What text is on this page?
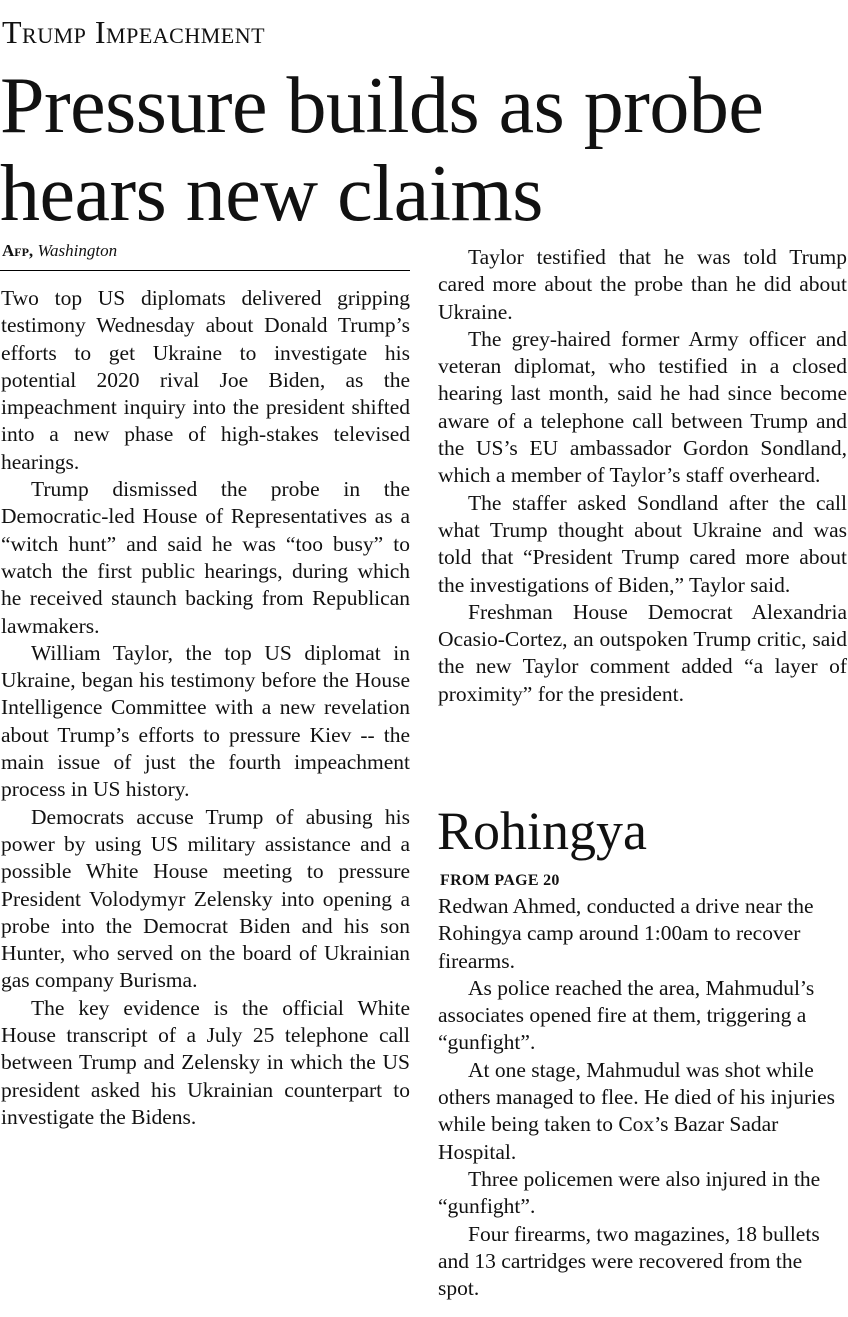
Trump Impeachment
Pressure builds as probe
hears new claims
Afp, Washington

Two top US diplomats delivered gripping testimony Wednesday about Donald Trump’s efforts to get Ukraine to investigate his potential 2020 rival Joe Biden, as the impeachment inquiry into the president shifted into a new phase of high-stakes televised hearings.

Trump dismissed the probe in the Democratic-led House of Representatives as a “witch hunt” and said he was “too busy” to watch the first public hearings, during which he received staunch backing from Republican lawmakers.

William Taylor, the top US diplomat in Ukraine, began his testimony before the House Intelligence Committee with a new revelation about Trump’s efforts to pressure Kiev -- the main issue of just the fourth impeachment process in US history.

Democrats accuse Trump of abusing his power by using US military assistance and a possible White House meeting to pressure President Volodymyr Zelensky into opening a probe into the Democrat Biden and his son Hunter, who served on the board of Ukrainian gas company Burisma.

The key evidence is the official White House transcript of a July 25 telephone call between Trump and Zelensky in which the US president asked his Ukrainian counterpart to investigate the Bidens.

Taylor testified that he was told Trump cared more about the probe than he did about Ukraine.

The grey-haired former Army officer and veteran diplomat, who testified in a closed hearing last month, said he had since become aware of a telephone call between Trump and the US’s EU ambassador Gordon Sondland, which a member of Taylor’s staff overheard.

The staffer asked Sondland after the call what Trump thought about Ukraine and was told that “President Trump cared more about the investigations of Biden,” Taylor said.

Freshman House Democrat Alexandria Ocasio-Cortez, an outspoken Trump critic, said the new Taylor comment added “a layer of proximity” for the president.

Rohingya
FROM PAGE 20

Redwan Ahmed, conducted a drive near the Rohingya camp around 1:00am to recover firearms.

As police reached the area, Mahmudul’s associates opened fire at them, triggering a “gunfight”.

At one stage, Mahmudul was shot while others managed to flee. He died of his injuries while being taken to Cox’s Bazar Sadar Hospital.

Three policemen were also injured in the “gunfight”.

Four firearms, two magazines, 18 bullets and 13 cartridges were recovered from the spot.
